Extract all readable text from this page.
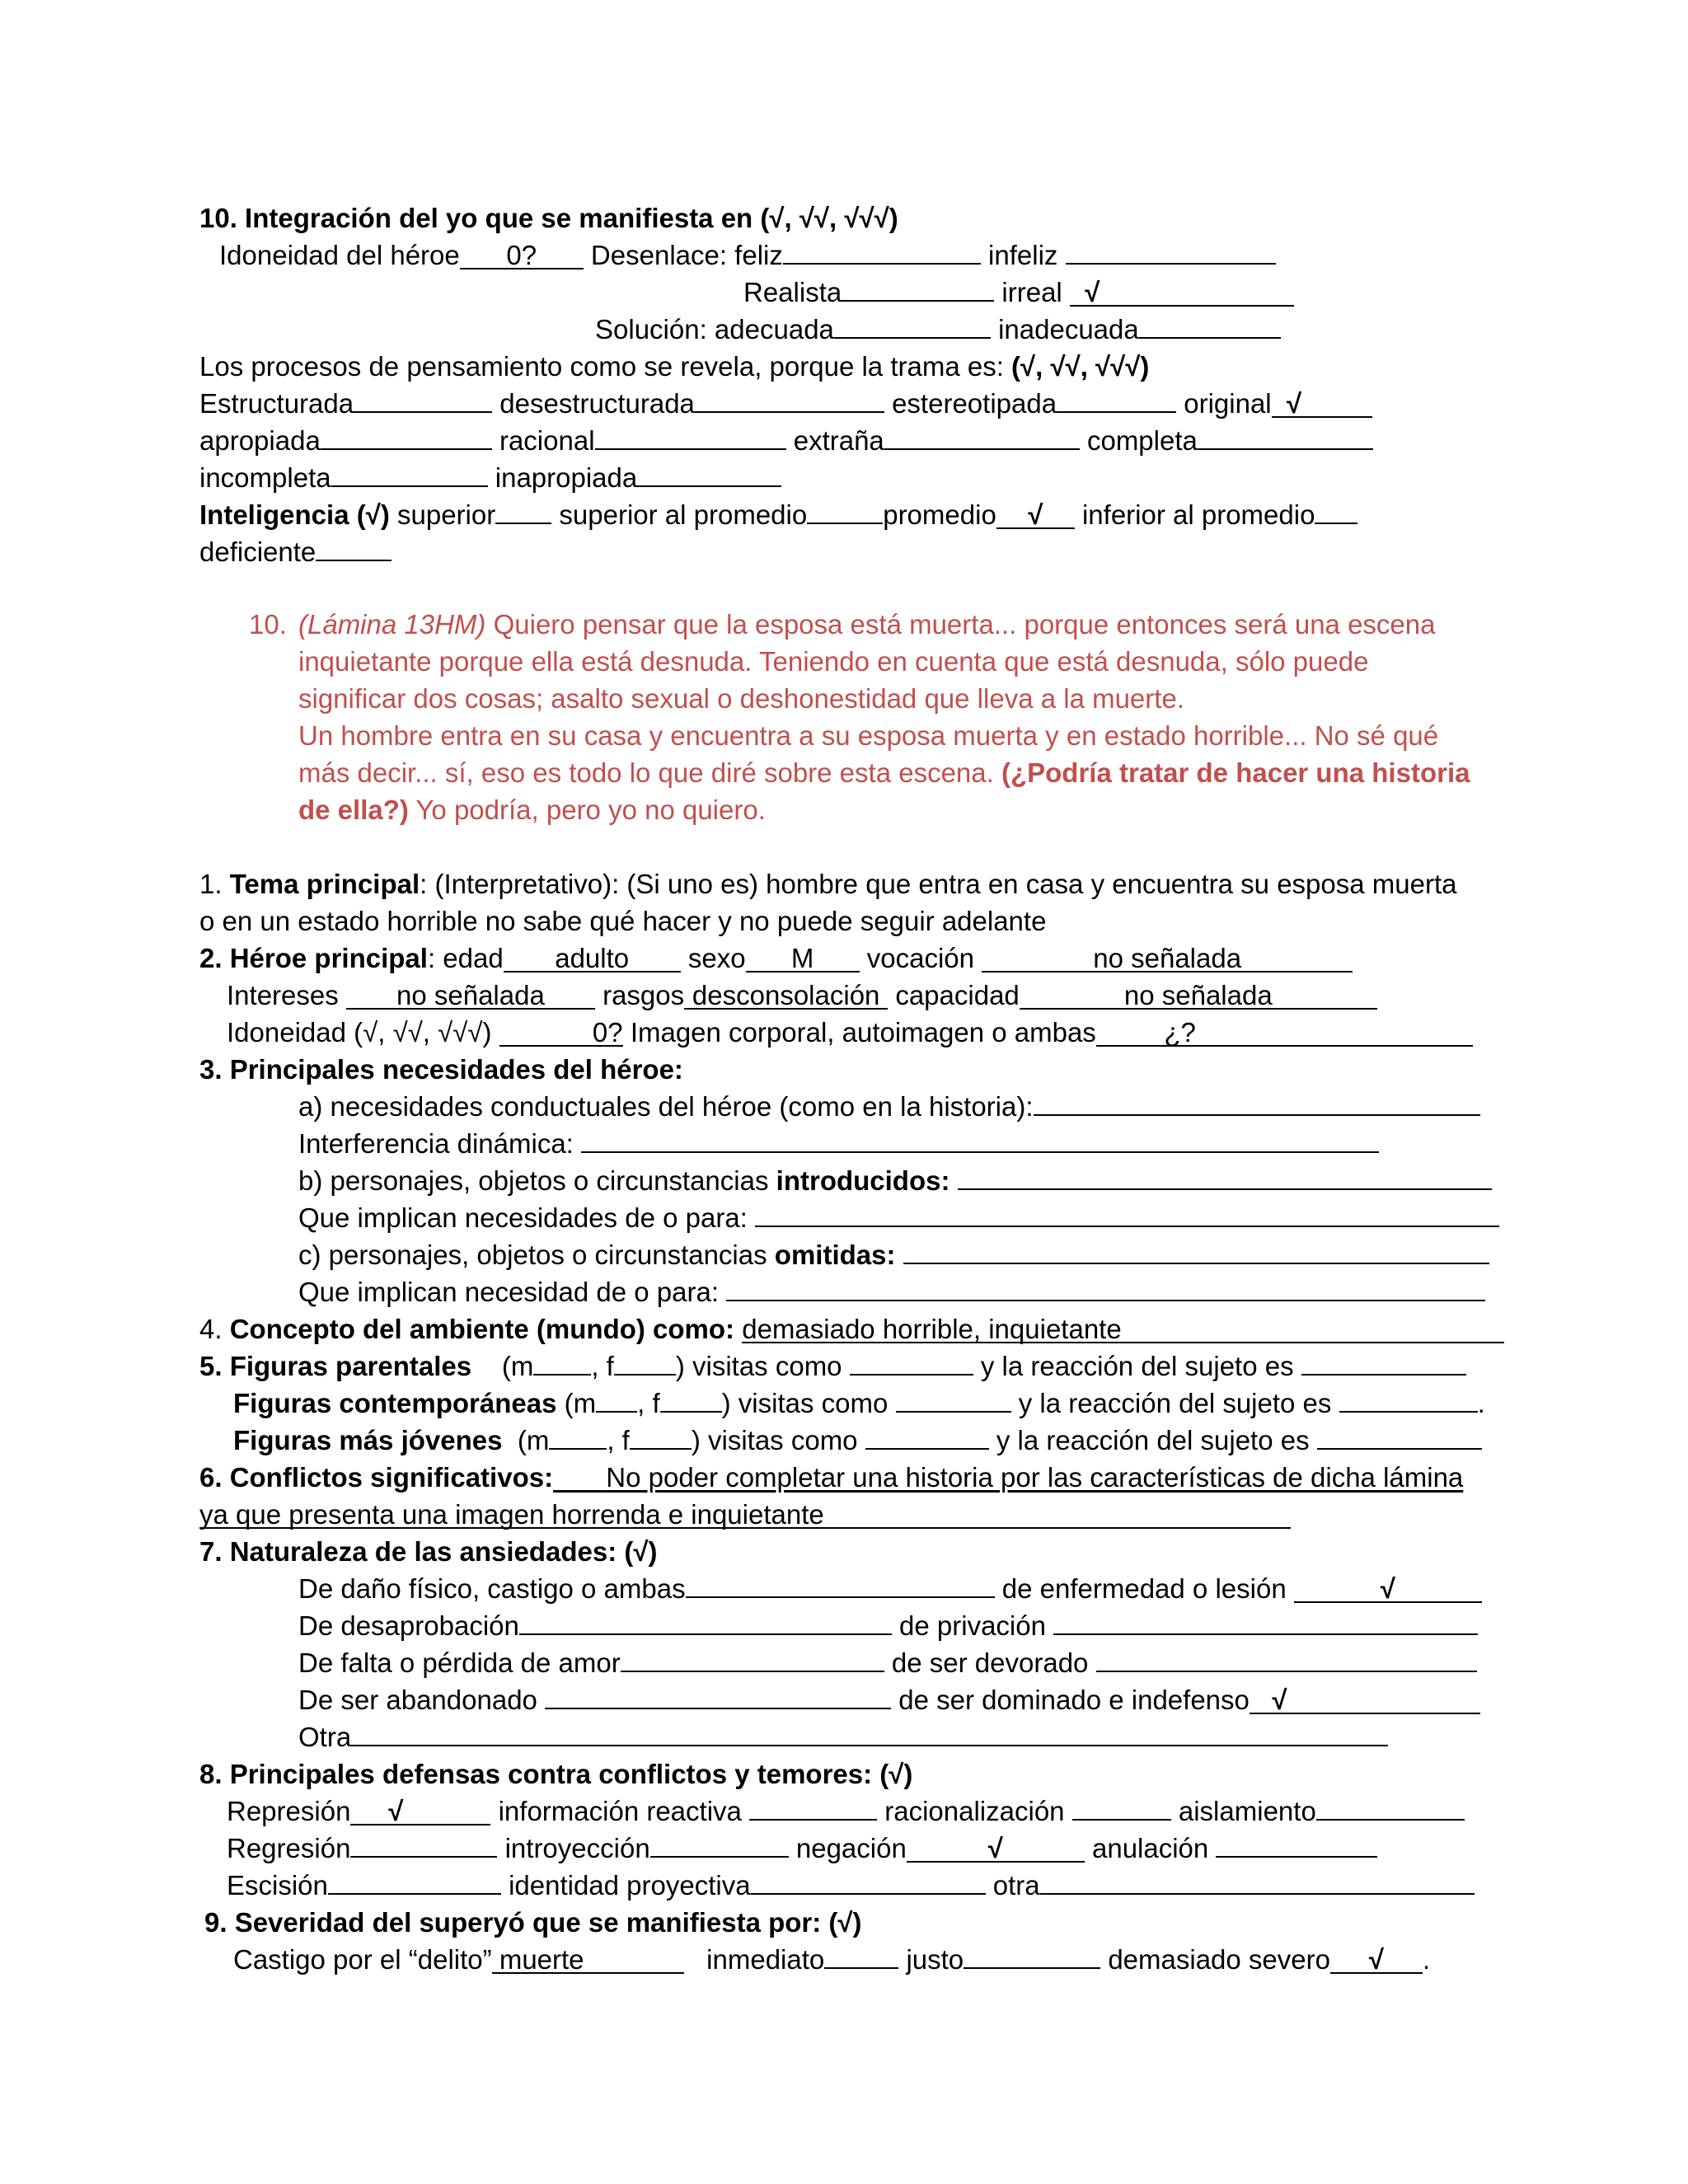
10. Integración del yo que se manifiesta en (√, √√, √√√)
Idoneidad del héroe 0? Desenlace: feliz	infeliz
Realista	irreal √
Solución: adecuada	inadecuada
Los procesos de pensamiento como se revela, porque la trama es: (√, √√, √√√)
Estructurada	desestructurada	estereotipada	original √
apropiada	racional	extraña	completa
incompleta	inapropiada
Inteligencia (√) superior superior al promedio	promedio √ inferior al promedio
deficiente
10. (Lámina 13HM) Quiero pensar que la esposa está muerta... porque entonces será una escena
inquietante porque ella está desnuda. Teniendo en cuenta que está desnuda, sólo puede
significar dos cosas; asalto sexual o deshonestidad que lleva a la muerte.
Un hombre entra en su casa y encuentra a su esposa muerta y en estado horrible... No sé qué
más decir... sí, eso es todo lo que diré sobre esta escena. (¿Podría tratar de hacer una historia
de ella?) Yo podría, pero yo no quiero.
1. Tema principal: (Interpretativo): (Si uno es) hombre que entra en casa y encuentra su esposa muerta
o en un estado horrible no sabe qué hacer y no puede seguir adelante
2. Héroe principal: edad adulto sexo M vocación	no señalada
Intereses no señalada rasgos desconsolación capacidad	no señalada
Idoneidad (√, √√, √√√)	0? Imagen corporal, autoimagen o ambas	¿?
3. Principales necesidades del héroe:
a) necesidades conductuales del héroe (como en la historia):
Interferencia dinámica:
b) personajes, objetos o circunstancias introducidos:
Que implican necesidades de o para:
c) personajes, objetos o circunstancias omitidas:
Que implican necesidad de o para:
4. Concepto del ambiente (mundo) como: demasiado horrible, inquietante
5. Figuras parentales (m , f ) visitas como	y la reacción del sujeto es
Figuras contemporáneas (m , f ) visitas como	y la reacción del sujeto es	.
Figuras más jóvenes (m , f ) visitas como	y la reacción del sujeto es
6. Conflictos significativos: No poder completar una historia por las características de dicha lámina
ya que presenta una imagen horrenda e inquietante
7. Naturaleza de las ansiedades: (√)
De daño físico, castigo o ambas	de enfermedad o lesión	√
De desaprobación	de privación
De falta o pérdida de amor	de ser devorado
De ser abandonado	de ser dominado e indefenso √
Otra
8. Principales defensas contra conflictos y temores: (√)
Represión √	información reactiva	racionalización	aislamiento
Regresión	introyección	negación	√	anulación
Escisión	identidad proyectiva	otra
9. Severidad del superyó que se manifiesta por: (√)
Castigo por el “delito” muerte	inmediato	justo	demasiado severo √ .
